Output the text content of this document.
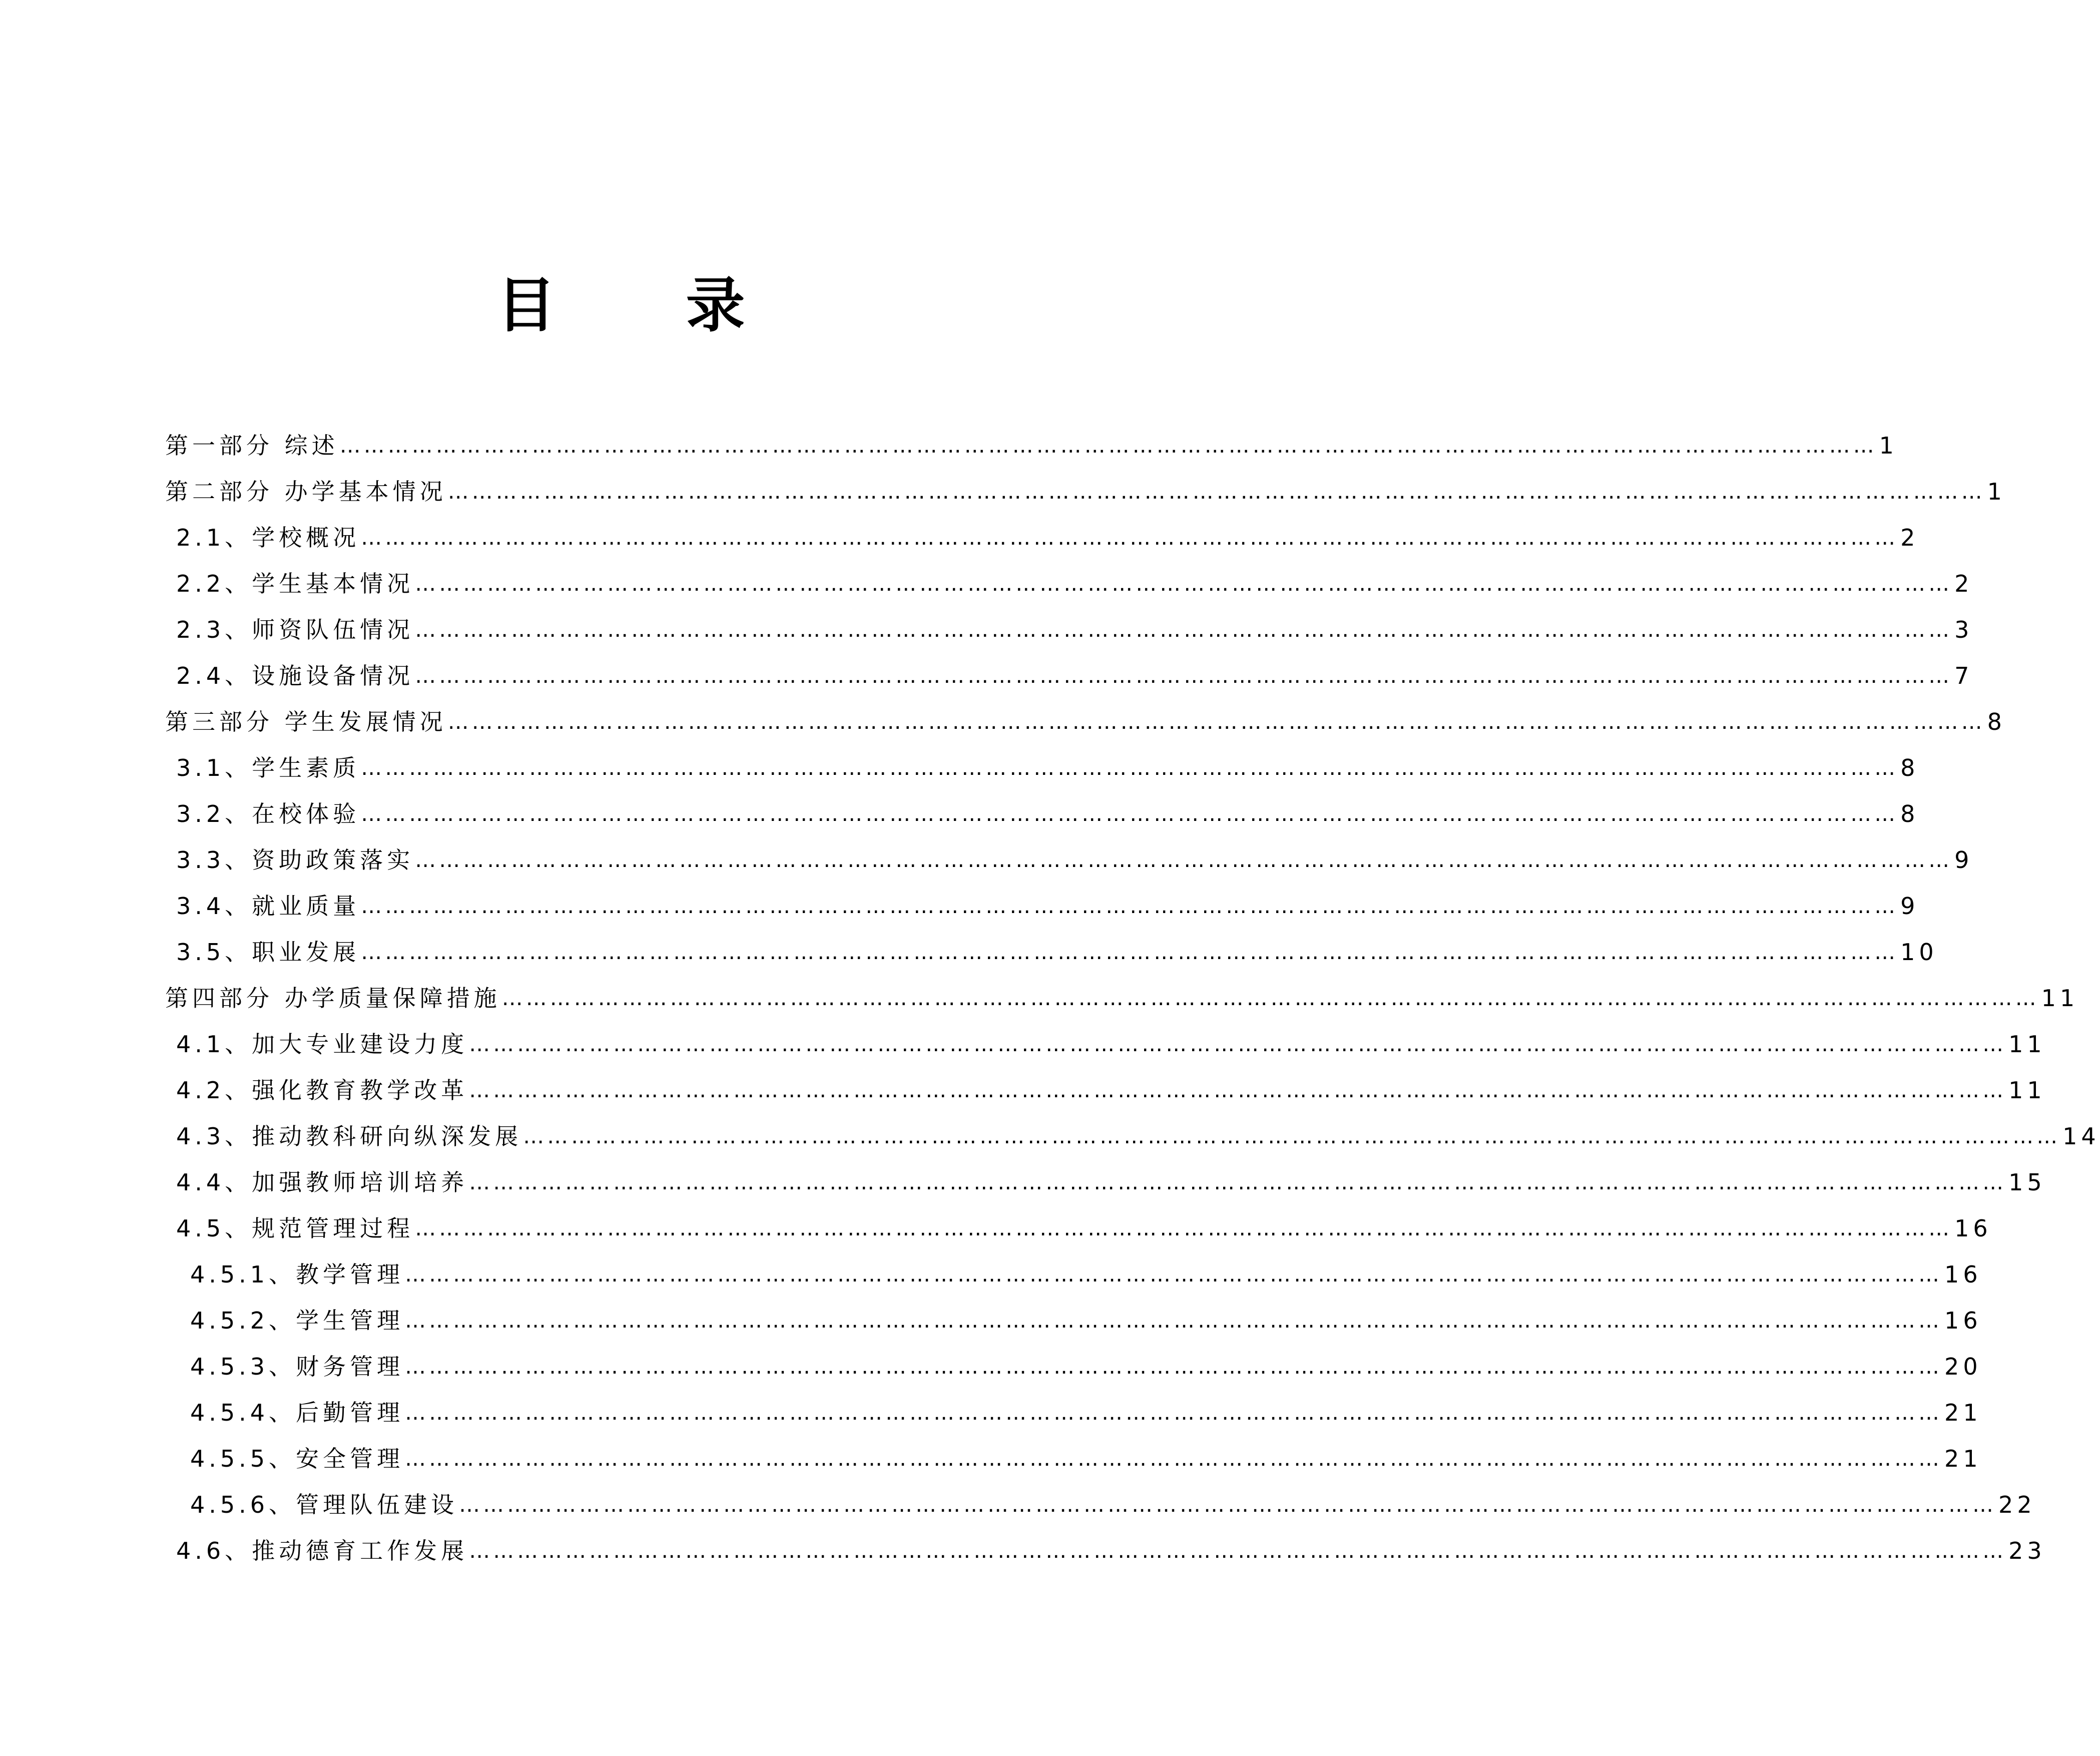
目录
第一部分 综述 ………………………………………………………………………………………………………………………………………………………………………… 1
第二部分 办学基本情况 ………………………………………………………………………………………………………………………………………………………………………… 1
2.1、学校概况 ………………………………………………………………………………………………………………………………………………………………………… 2
2.2、学生基本情况 ………………………………………………………………………………………………………………………………………………………………………… 2
2.3、师资队伍情况 ………………………………………………………………………………………………………………………………………………………………………… 3
2.4、设施设备情况 ………………………………………………………………………………………………………………………………………………………………………… 7
第三部分 学生发展情况 ………………………………………………………………………………………………………………………………………………………………………… 8
3.1、学生素质 ………………………………………………………………………………………………………………………………………………………………………… 8
3.2、在校体验 ………………………………………………………………………………………………………………………………………………………………………… 8
3.3、资助政策落实 ………………………………………………………………………………………………………………………………………………………………………… 9
3.4、就业质量 ………………………………………………………………………………………………………………………………………………………………………… 9
3.5、职业发展 ………………………………………………………………………………………………………………………………………………………………………… 10
第四部分 办学质量保障措施 ………………………………………………………………………………………………………………………………………………………………………… 11
4.1、加大专业建设力度 ………………………………………………………………………………………………………………………………………………………………………… 11
4.2、强化教育教学改革 ………………………………………………………………………………………………………………………………………………………………………… 11
4.3、推动教科研向纵深发展 ………………………………………………………………………………………………………………………………………………………………………… 14
4.4、加强教师培训培养 ………………………………………………………………………………………………………………………………………………………………………… 15
4.5、规范管理过程 ………………………………………………………………………………………………………………………………………………………………………… 16
4.5.1、教学管理 ………………………………………………………………………………………………………………………………………………………………………… 16
4.5.2、学生管理 ………………………………………………………………………………………………………………………………………………………………………… 16
4.5.3、财务管理 ………………………………………………………………………………………………………………………………………………………………………… 20
4.5.4、后勤管理 ………………………………………………………………………………………………………………………………………………………………………… 21
4.5.5、安全管理 ………………………………………………………………………………………………………………………………………………………………………… 21
4.5.6、管理队伍建设 ………………………………………………………………………………………………………………………………………………………………………… 22
4.6、推动德育工作发展 ………………………………………………………………………………………………………………………………………………………………………… 23
